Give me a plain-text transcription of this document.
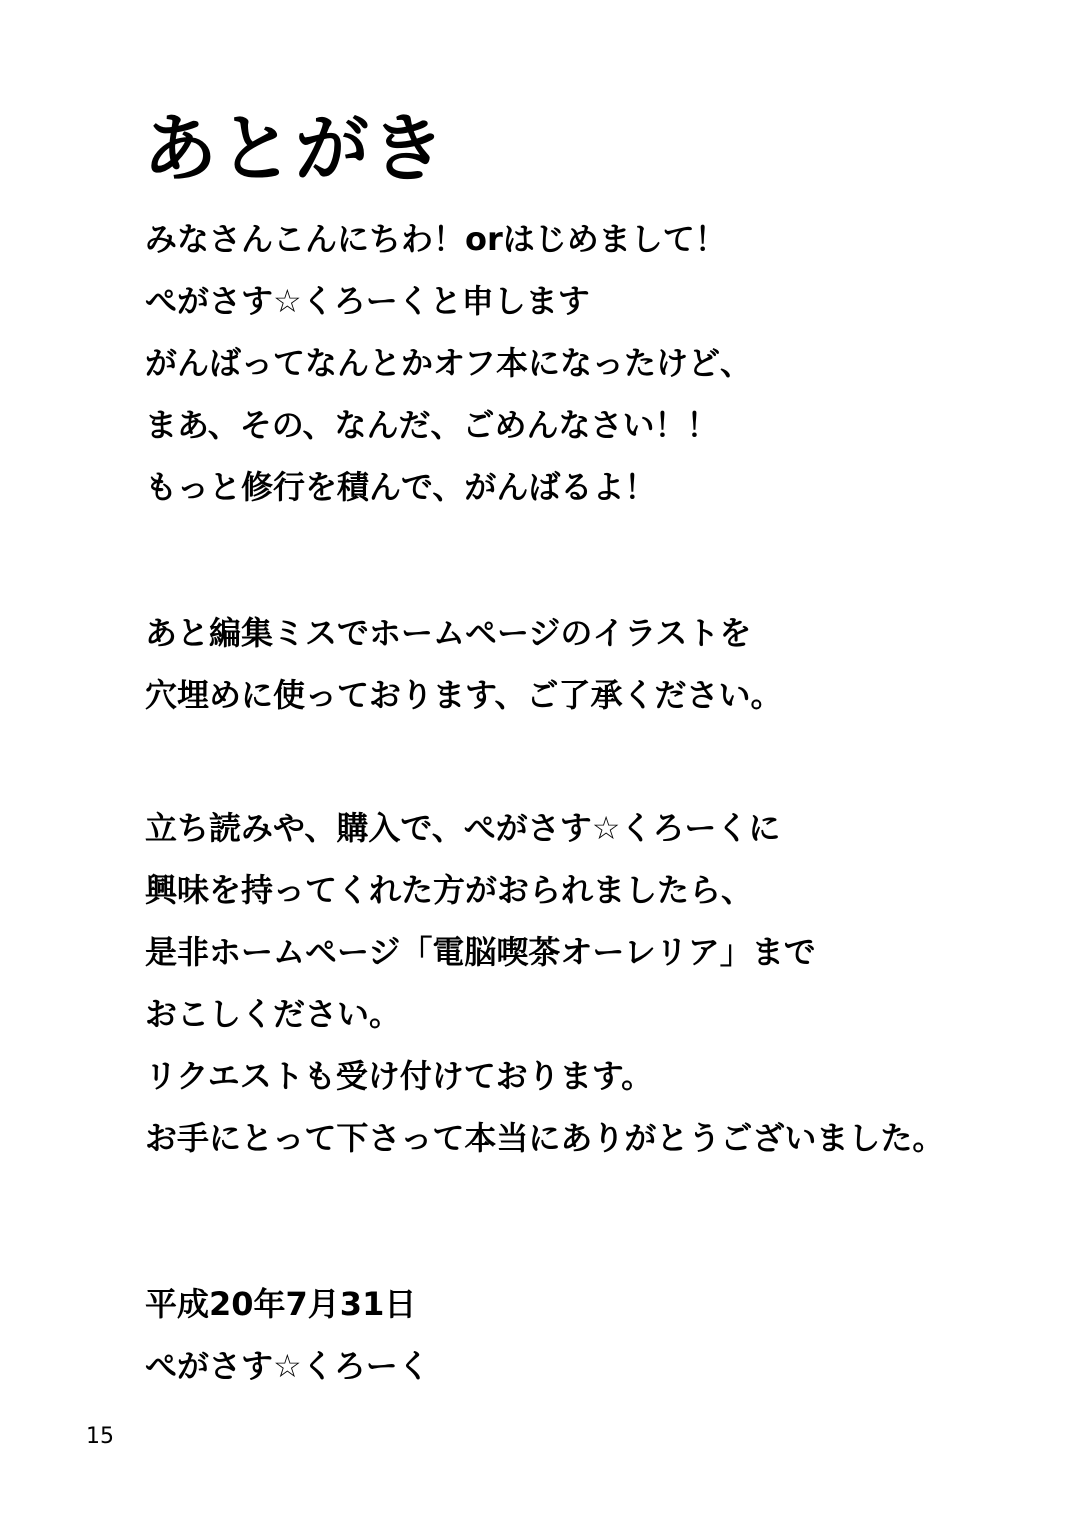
あとがき

みなさんこんにちわ！orはじめまして！

ぺがさす☆くろーくと申します

がんばってなんとかオフ本になったけど、

まあ、その、なんだ、ごめんなさい！！

もっと修行を積んで、がんばるよ！

あと編集ミスでホームページのイラストを

穴埋めに使っております、ご了承ください。

立ち読みや、購入で、ぺがさす☆くろーくに

興味を持ってくれた方がおられましたら、

是非ホームページ「電脳喫茶オーレリア」まで

おこしください。

リクエストも受け付けております。

お手にとって下さって本当にありがとうございました。

平成20年7月31日

ぺがさす☆くろーく

15
